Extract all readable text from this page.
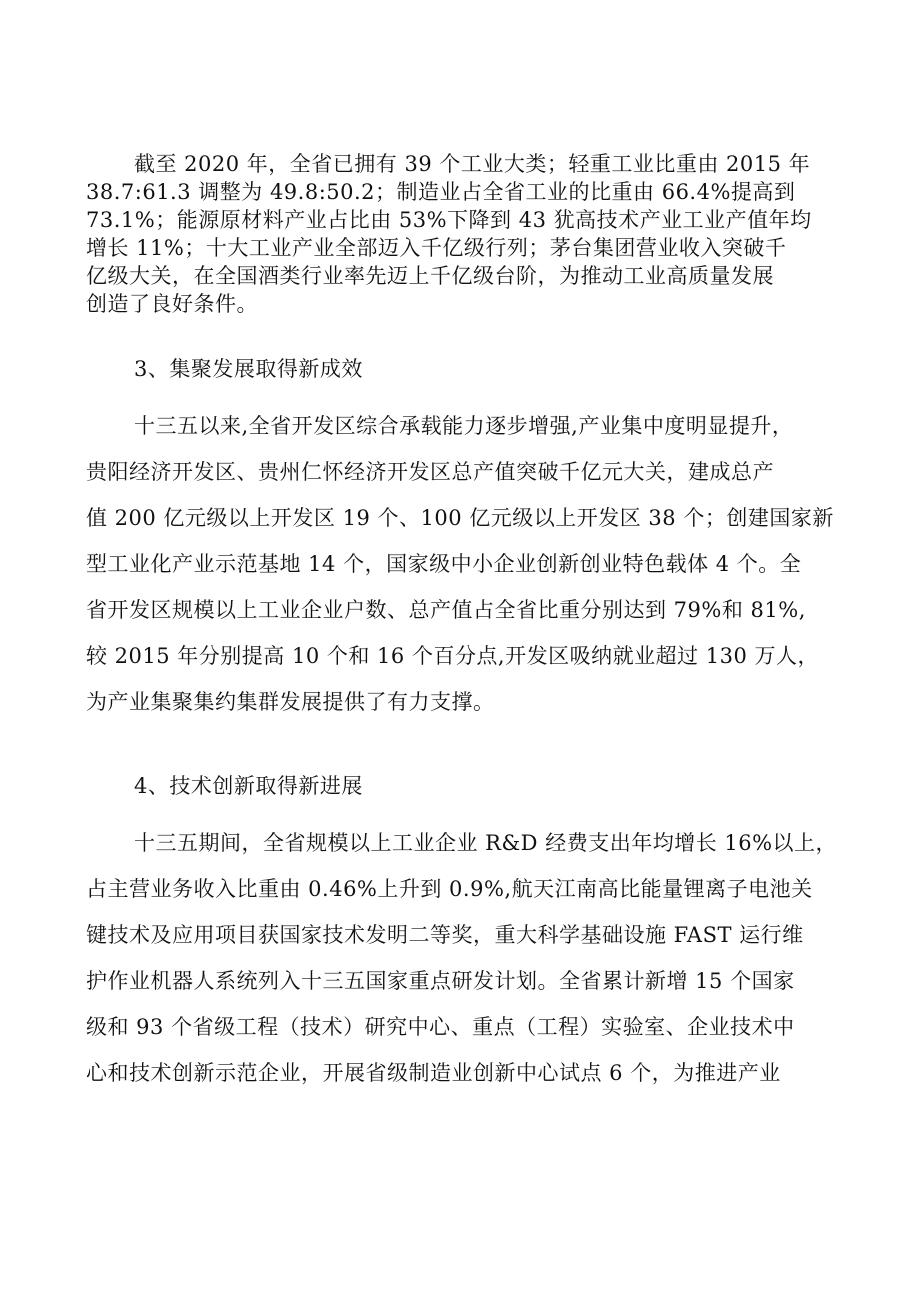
截至 2020 年，全省已拥有 39 个工业大类；轻重工业比重由 2015 年
38.7:61.3 调整为 49.8:50.2；制造业占全省工业的比重由 66.4%提高到
73.1%；能源原材料产业占比由 53%下降到 43 犹高技术产业工业产值年均
增长 11%；十大工业产业全部迈入千亿级行列；茅台集团营业收入突破千
亿级大关，在全国酒类行业率先迈上千亿级台阶，为推动工业高质量发展
创造了良好条件。
3、集聚发展取得新成效
十三五以来,全省开发区综合承载能力逐步增强,产业集中度明显提升，
贵阳经济开发区、贵州仁怀经济开发区总产值突破千亿元大关，建成总产
值 200 亿元级以上开发区 19 个、100 亿元级以上开发区 38 个；创建国家新
型工业化产业示范基地 14 个，国家级中小企业创新创业特色载体 4 个。全
省开发区规模以上工业企业户数、总产值占全省比重分别达到 79%和 81%,
较 2015 年分别提高 10 个和 16 个百分点,开发区吸纳就业超过 130 万人，
为产业集聚集约集群发展提供了有力支撑。
4、技术创新取得新进展
十三五期间，全省规模以上工业企业 R&D 经费支出年均增长 16%以上，
占主营业务收入比重由 0.46%上升到 0.9%,航天江南高比能量锂离子电池关
键技术及应用项目获国家技术发明二等奖，重大科学基础设施 FAST 运行维
护作业机器人系统列入十三五国家重点研发计划。全省累计新增 15 个国家
级和 93 个省级工程（技术）研究中心、重点（工程）实验室、企业技术中
心和技术创新示范企业，开展省级制造业创新中心试点 6 个，为推进产业
